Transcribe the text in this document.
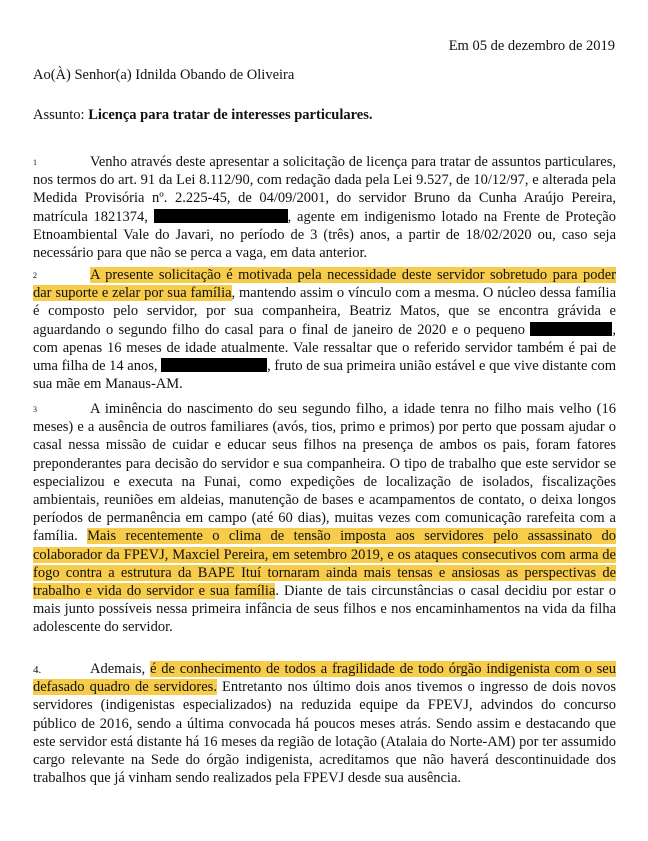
Em 05 de dezembro de 2019
Ao(À) Senhor(a) Idnilda Obando de Oliveira
Assunto: Licença para tratar de interesses particulares.
1	Venho através deste apresentar a solicitação de licença para tratar de assuntos particulares, nos termos do art. 91 da Lei 8.112/90, com redação dada pela Lei 9.527, de 10/12/97, e alterada pela Medida Provisória nº. 2.225-45, de 04/09/2001, do servidor Bruno da Cunha Araújo Pereira, matrícula 1821374,	, agente em indigenismo lotado na Frente de Proteção Etnoambiental Vale do Javari, no período de 3 (três) anos, a partir de 18/02/2020 ou, caso seja necessário para que não se perca a vaga, em data anterior.
2	A presente solicitação é motivada pela necessidade deste servidor sobretudo para poder dar suporte e zelar por sua família, mantendo assim o vínculo com a mesma. O núcleo dessa família é composto pelo servidor, por sua companheira, Beatriz Matos, que se encontra grávida e aguardando o segundo filho do casal para o final de janeiro de 2020 e o pequeno	, com apenas 16 meses de idade atualmente. Vale ressaltar que o referido servidor também é pai de uma filha de 14 anos,	, fruto de sua primeira união estável e que vive distante com sua mãe em Manaus-AM.
3	A iminência do nascimento do seu segundo filho, a idade tenra no filho mais velho (16 meses) e a ausência de outros familiares (avós, tios, primo e primos) por perto que possam ajudar o casal nessa missão de cuidar e educar seus filhos na presença de ambos os pais, foram fatores preponderantes para decisão do servidor e sua companheira. O tipo de trabalho que este servidor se especializou e executa na Funai, como expedições de localização de isolados, fiscalizações ambientais, reuniões em aldeias, manutenção de bases e acampamentos de contato, o deixa longos períodos de permanência em campo (até 60 dias), muitas vezes com comunicação rarefeita com a família. Mais recentemente o clima de tensão imposta aos servidores pelo assassinato do colaborador da FPEVJ, Maxciel Pereira, em setembro 2019, e os ataques consecutivos com arma de fogo contra a estrutura da BAPE Ituí tornaram ainda mais tensas e ansiosas as perspectivas de trabalho e vida do servidor e sua família. Diante de tais circunstâncias o casal decidiu por estar o mais junto possíveis nessa primeira infância de seus filhos e nos encaminhamentos na vida da filha adolescente do servidor.
4.	Ademais, é de conhecimento de todos a fragilidade de todo órgão indigenista com o seu defasado quadro de servidores. Entretanto nos último dois anos tivemos o ingresso de dois novos servidores (indigenistas especializados) na reduzida equipe da FPEVJ, advindos do concurso público de 2016, sendo a última convocada há poucos meses atrás. Sendo assim e destacando que este servidor está distante há 16 meses da região de lotação (Atalaia do Norte-AM) por ter assumido cargo relevante na Sede do órgão indigenista, acreditamos que não haverá descontinuidade dos trabalhos que já vinham sendo realizados pela FPEVJ desde sua ausência.
